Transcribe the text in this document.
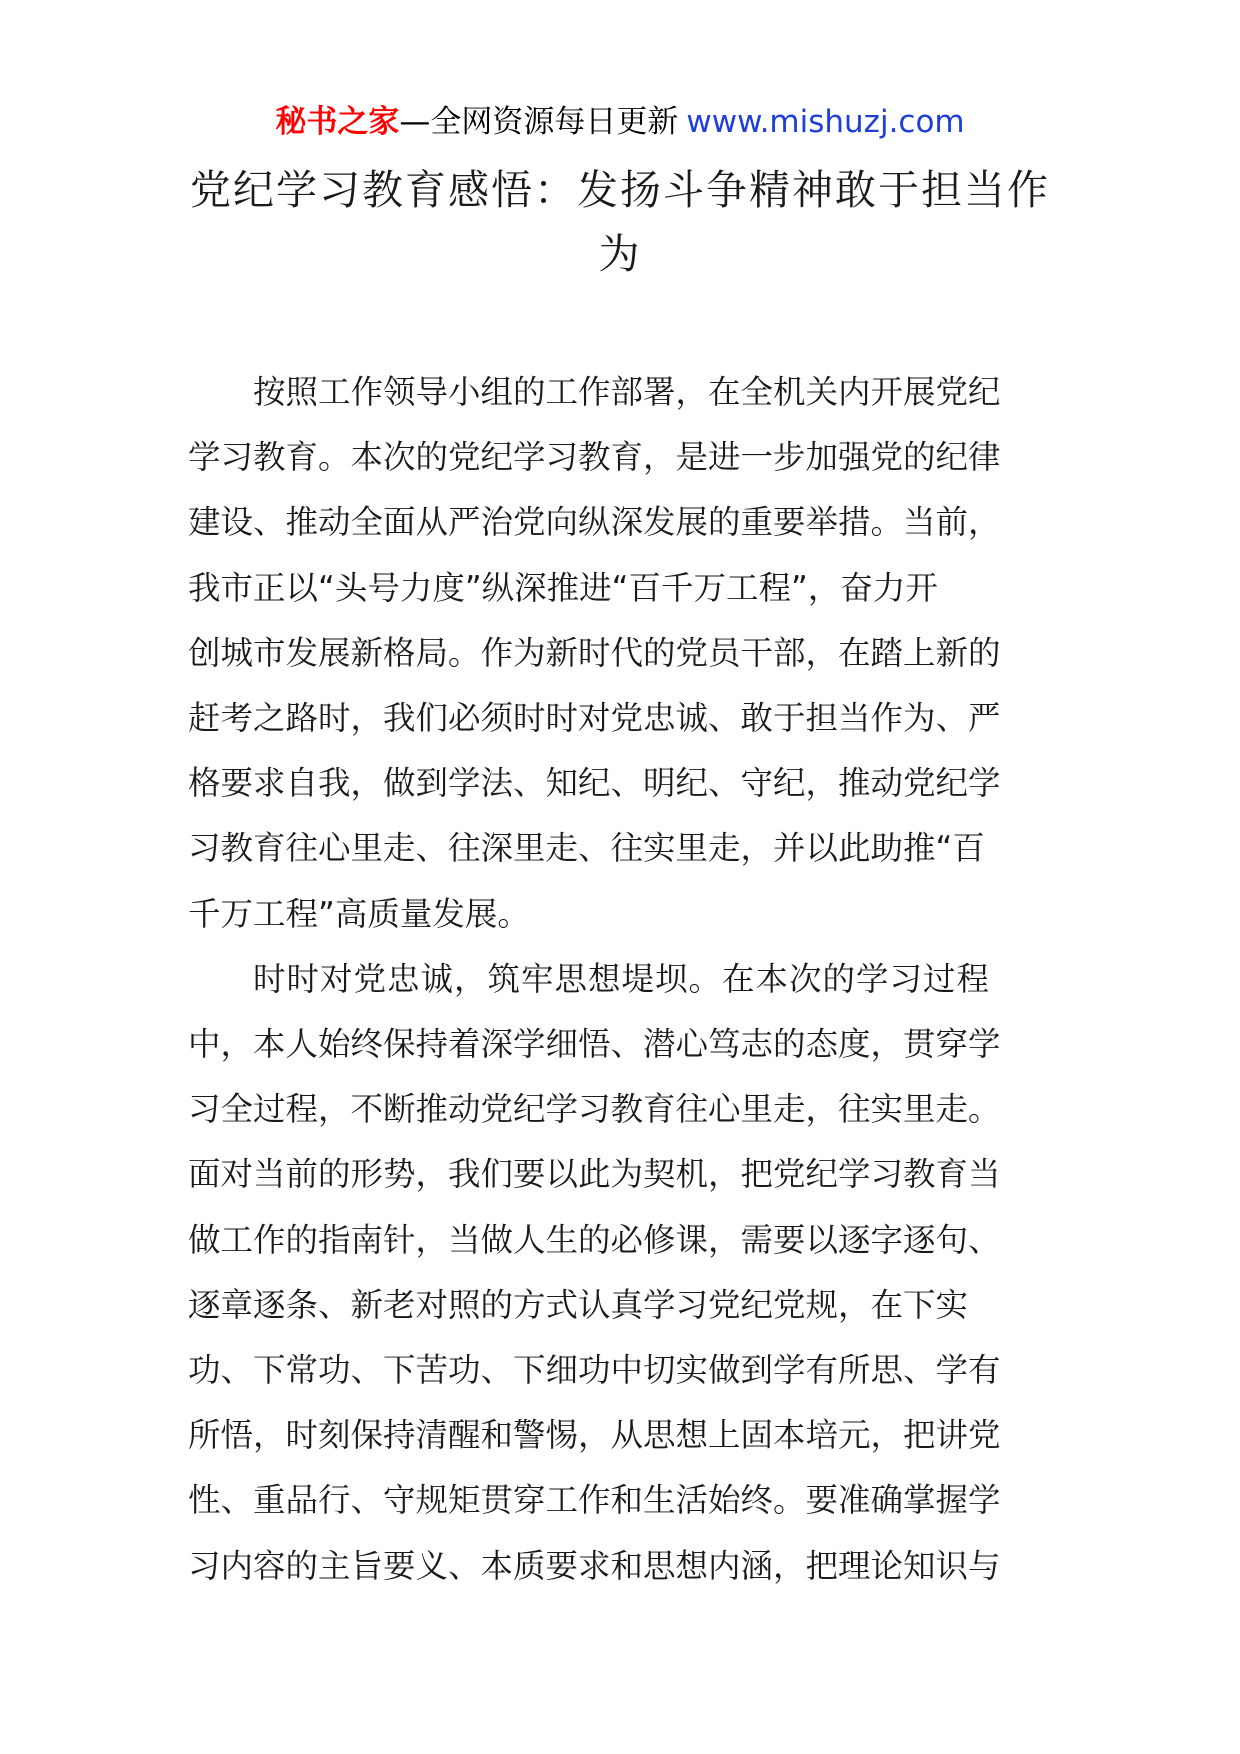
秘书之家—全网资源每日更新 www.mishuzj.com
党纪学习教育感悟：发扬斗争精神敢于担当作
为

按照工作领导小组的工作部署，在全机关内开展党纪
学习教育。本次的党纪学习教育，是进一步加强党的纪律
建设、推动全面从严治党向纵深发展的重要举措。当前，
我市正以“头号力度”纵深推进“百千万工程”，奋力开
创城市发展新格局。作为新时代的党员干部，在踏上新的
赶考之路时，我们必须时时对党忠诚、敢于担当作为、严
格要求自我，做到学法、知纪、明纪、守纪，推动党纪学
习教育往心里走、往深里走、往实里走，并以此助推“百
千万工程”高质量发展。

时时对党忠诚，筑牢思想堤坝。在本次的学习过程
中，本人始终保持着深学细悟、潜心笃志的态度，贯穿学
习全过程，不断推动党纪学习教育往心里走，往实里走。
面对当前的形势，我们要以此为契机，把党纪学习教育当
做工作的指南针，当做人生的必修课，需要以逐字逐句、
逐章逐条、新老对照的方式认真学习党纪党规，在下实
功、下常功、下苦功、下细功中切实做到学有所思、学有
所悟，时刻保持清醒和警惕，从思想上固本培元，把讲党
性、重品行、守规矩贯穿工作和生活始终。要准确掌握学
习内容的主旨要义、本质要求和思想内涵，把理论知识与
